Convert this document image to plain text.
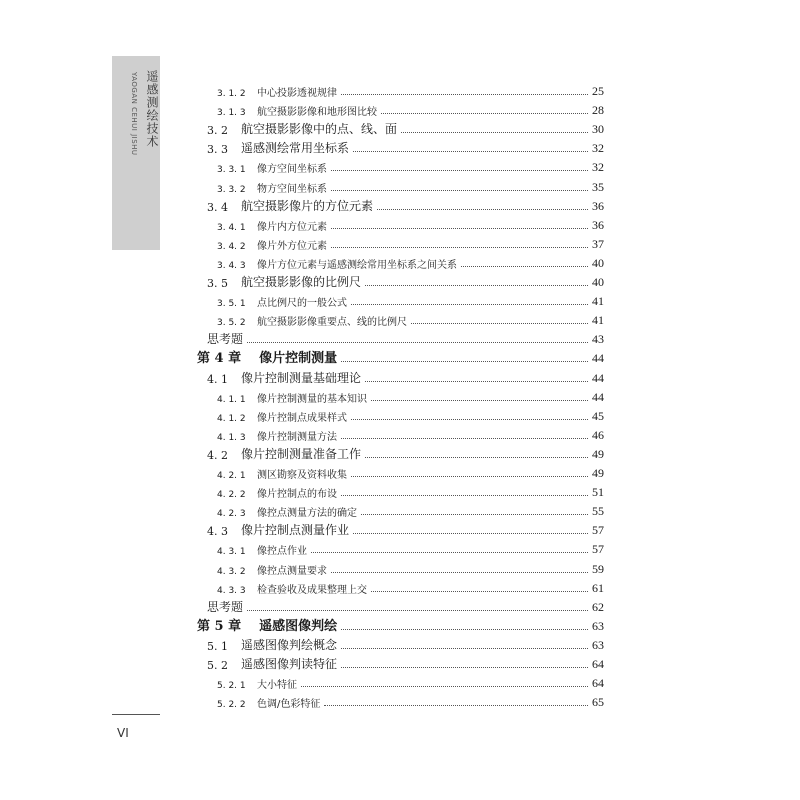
遥感测绘技术
YAOGAN CEHUI JISHU	3. 1. 2 中心投影透视规律	25
3. 1. 3 航空摄影影像和地形图比较	28
3. 2 航空摄影影像中的点、线、面	30
3. 3 遥感测绘常用坐标系	32
3. 3. 1 像方空间坐标系	32
3. 3. 2 物方空间坐标系	35
3. 4 航空摄影像片的方位元素	36
3. 4. 1 像片内方位元素	36
3. 4. 2 像片外方位元素	37
3. 4. 3 像片方位元素与遥感测绘常用坐标系之间关系	40
3. 5 航空摄影影像的比例尺	40
3. 5. 1 点比例尺的一般公式	41
3. 5. 2 航空摄影影像重要点、线的比例尺	41
思考题	43
第 4 章 像片控制测量	44
4. 1 像片控制测量基础理论	44
4. 1. 1 像片控制测量的基本知识	44
4. 1. 2 像片控制点成果样式	45
4. 1. 3 像片控制测量方法	46
4. 2 像片控制测量准备工作	49
4. 2. 1 测区勘察及资料收集	49
4. 2. 2 像片控制点的布设	51
4. 2. 3 像控点测量方法的确定	55
4. 3 像片控制点测量作业	57
4. 3. 1 像控点作业	57
4. 3. 2 像控点测量要求	59
4. 3. 3 检查验收及成果整理上交	61
思考题	62
第 5 章 遥感图像判绘	63
5. 1 遥感图像判绘概念	63
5. 2 遥感图像判读特征	64
5. 2. 1 大小特征	64
5. 2. 2 色调/色彩特征	65
VI
